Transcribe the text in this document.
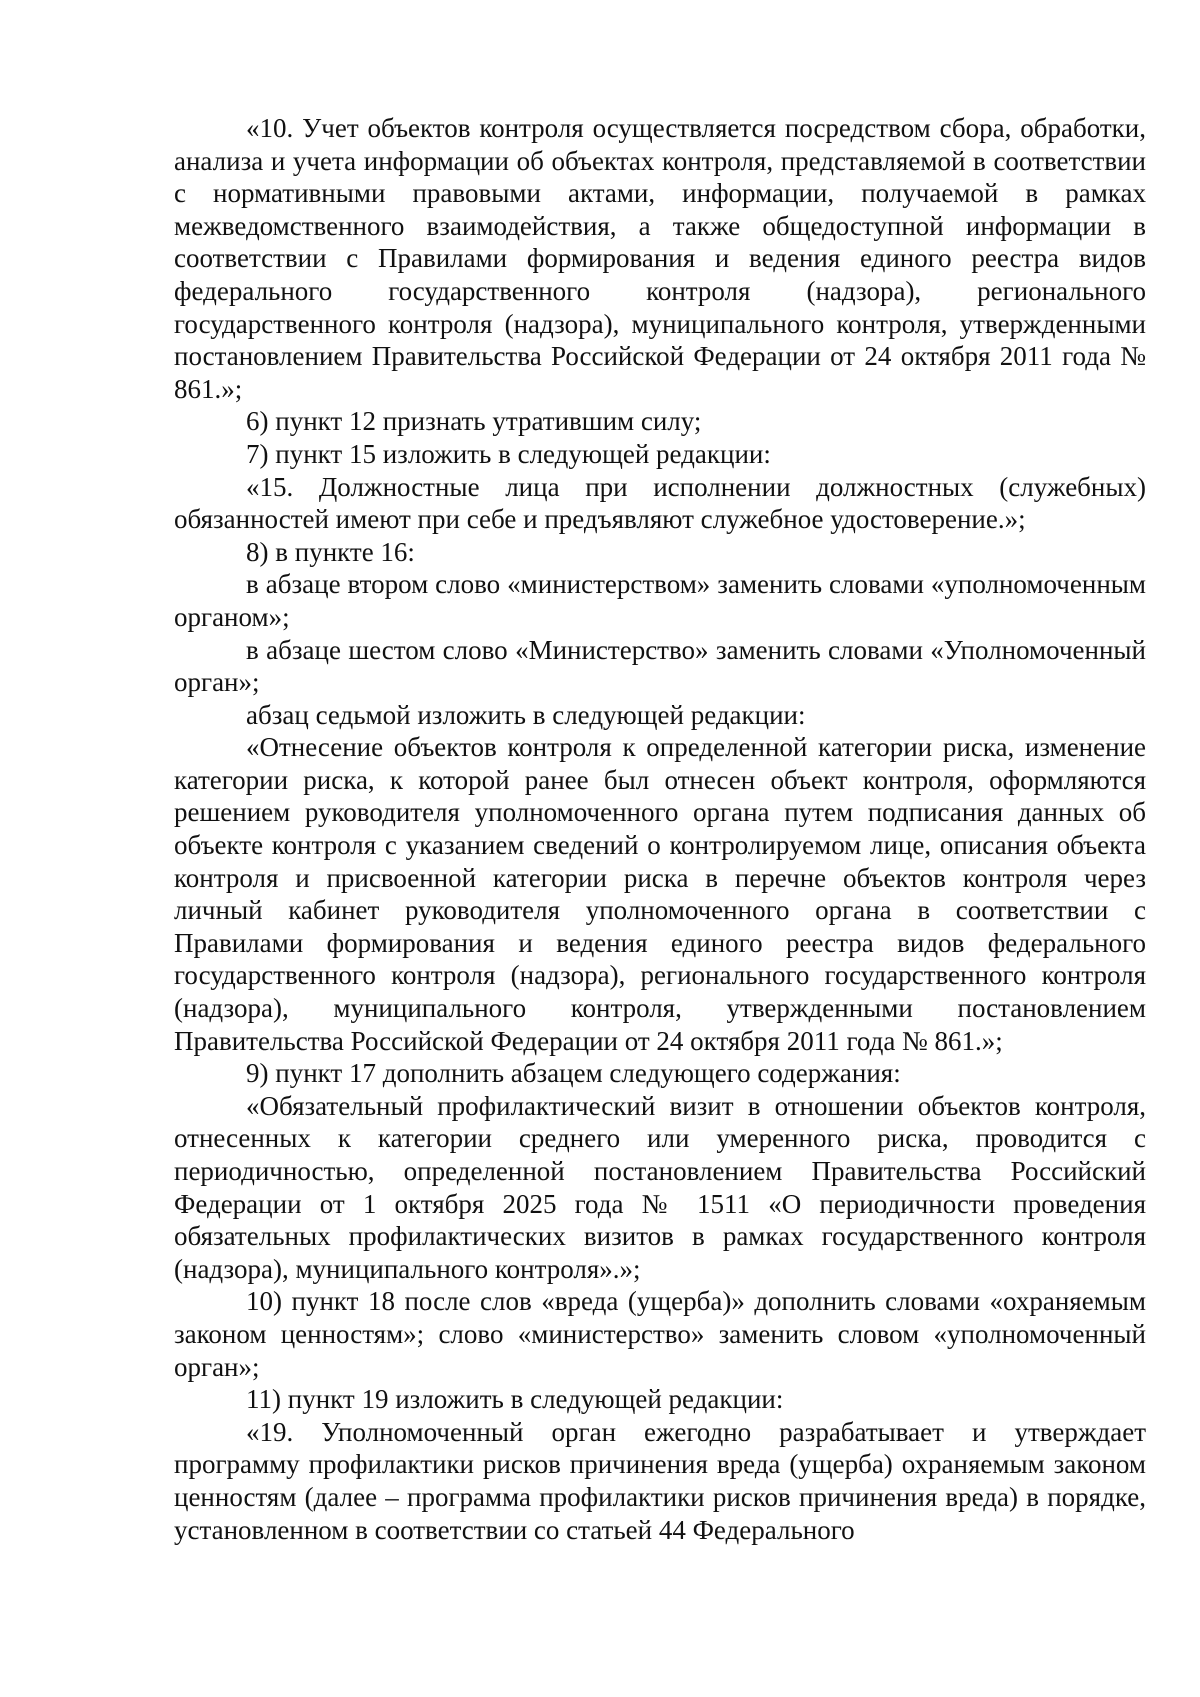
«10. Учет объектов контроля осуществляется посредством сбора, обработки, анализа и учета информации об объектах контроля, представляемой в соответствии с нормативными правовыми актами, информации, получаемой в рамках межведомственного взаимодействия, а также общедоступной информации в соответствии с Правилами формирования и ведения единого реестра видов федерального государственного контроля (надзора), регионального государственного контроля (надзора), муниципального контроля, утвержденными постановлением Правительства Российской Федерации от 24 октября 2011 года № 861.»;

6) пункт 12 признать утратившим силу;

7) пункт 15 изложить в следующей редакции:

«15. Должностные лица при исполнении должностных (служебных) обязанностей имеют при себе и предъявляют служебное удостоверение.»;

8) в пункте 16:

в абзаце втором слово «министерством» заменить словами «уполномоченным органом»;

в абзаце шестом слово «Министерство» заменить словами «Уполномоченный орган»;

абзац седьмой изложить в следующей редакции:

«Отнесение объектов контроля к определенной категории риска, изменение категории риска, к которой ранее был отнесен объект контроля, оформляются решением руководителя уполномоченного органа путем подписания данных об объекте контроля с указанием сведений о контролируемом лице, описания объекта контроля и присвоенной категории риска в перечне объектов контроля через личный кабинет руководителя уполномоченного органа в соответствии с Правилами формирования и ведения единого реестра видов федерального государственного контроля (надзора), регионального государственного контроля (надзора), муниципального контроля, утвержденными постановлением Правительства Российской Федерации от 24 октября 2011 года № 861.»;

9) пункт 17 дополнить абзацем следующего содержания:

«Обязательный профилактический визит в отношении объектов контроля, отнесенных к категории среднего или умеренного риска, проводится с периодичностью, определенной постановлением Правительства Российский Федерации от 1 октября 2025 года № 1511 «О периодичности проведения обязательных профилактических визитов в рамках государственного контроля (надзора), муниципального контроля».»;

10) пункт 18 после слов «вреда (ущерба)» дополнить словами «охраняемым законом ценностям»; слово «министерство» заменить словом «уполномоченный орган»;

11) пункт 19 изложить в следующей редакции:

«19. Уполномоченный орган ежегодно разрабатывает и утверждает программу профилактики рисков причинения вреда (ущерба) охраняемым законом ценностям (далее – программа профилактики рисков причинения вреда) в порядке, установленном в соответствии со статьей 44 Федерального
